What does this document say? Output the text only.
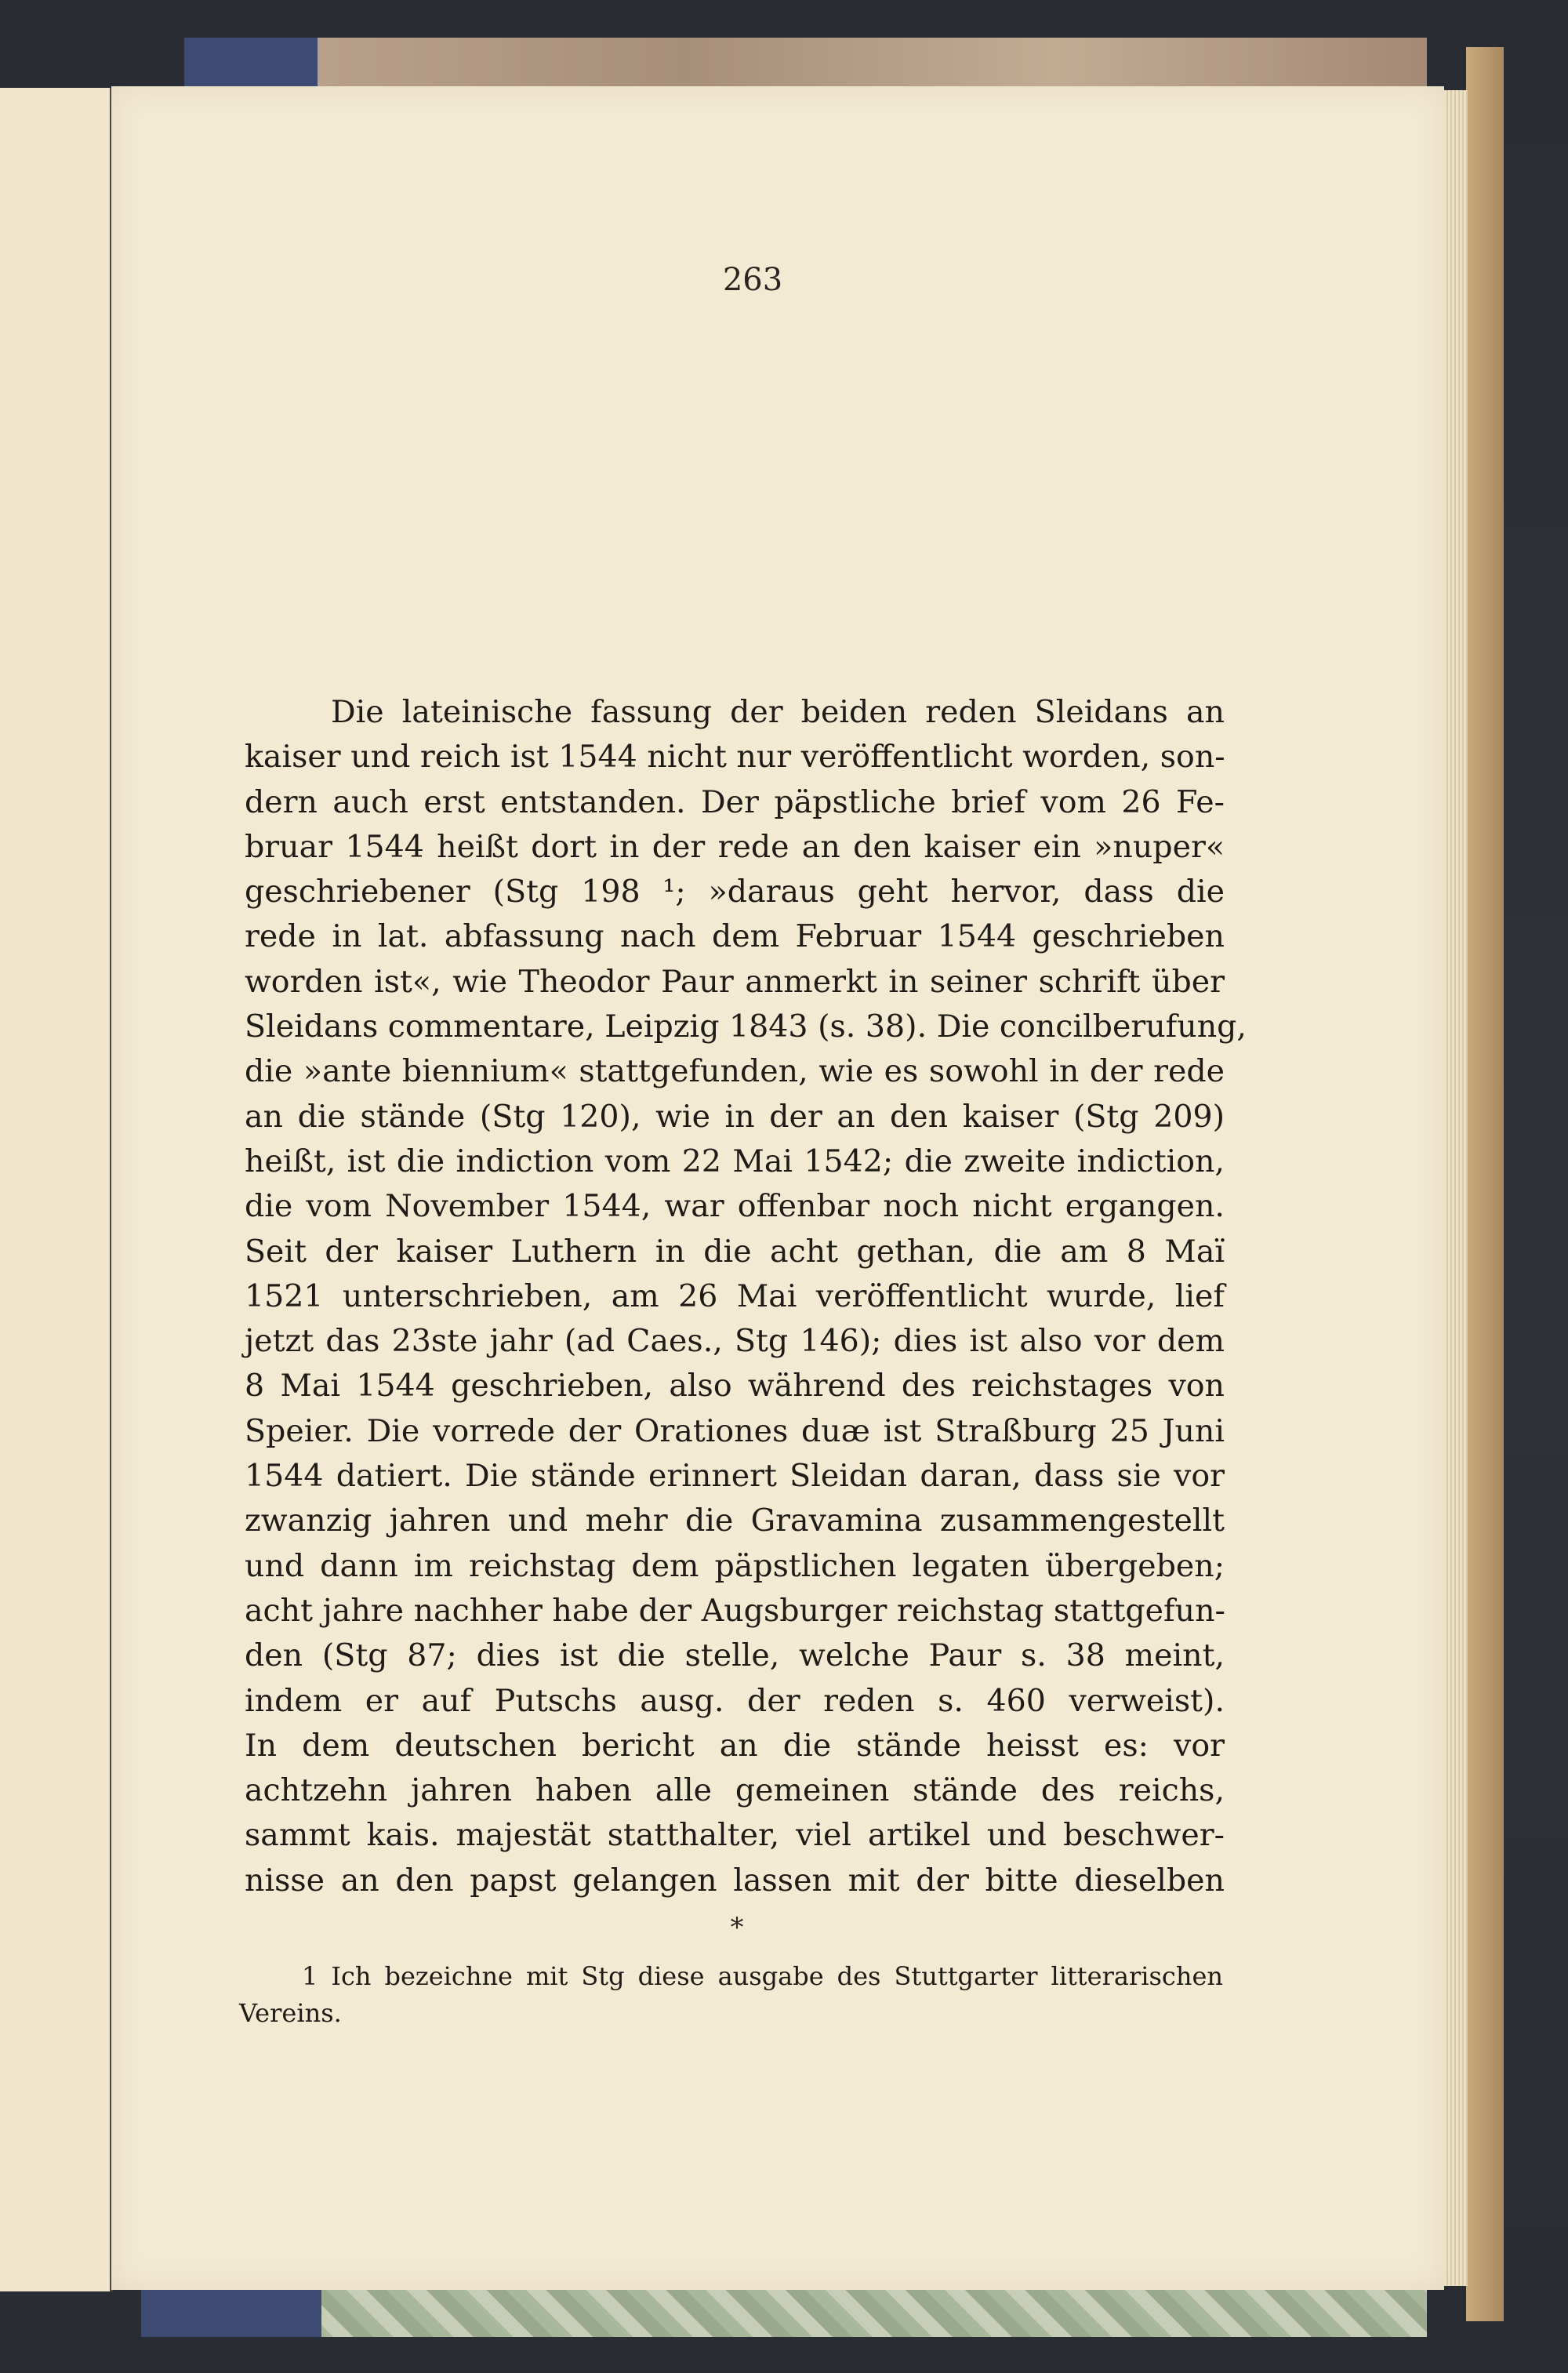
263
Die lateinische fassung der beiden reden Sleidans an
kaiser und reich ist 1544 nicht nur veröffentlicht worden, son-
dern auch erst entstanden. Der päpstliche brief vom 26 Fe-
bruar 1544 heißt dort in der rede an den kaiser ein »nuper«
geschriebener (Stg 198 ¹; »daraus geht hervor, dass die
rede in lat. abfassung nach dem Februar 1544 geschrieben
worden ist«, wie Theodor Paur anmerkt in seiner schrift über
Sleidans commentare, Leipzig 1843 (s. 38). Die concilberufung,
die »ante biennium« stattgefunden, wie es sowohl in der rede
an die stände (Stg 120), wie in der an den kaiser (Stg 209)
heißt, ist die indiction vom 22 Mai 1542; die zweite indiction,
die vom November 1544, war offenbar noch nicht ergangen.
Seit der kaiser Luthern in die acht gethan, die am 8 Maï
1521 unterschrieben, am 26 Mai veröffentlicht wurde, lief
jetzt das 23ste jahr (ad Caes., Stg 146); dies ist also vor dem
8 Mai 1544 geschrieben, also während des reichstages von
Speier. Die vorrede der Orationes duæ ist Straßburg 25 Juni
1544 datiert. Die stände erinnert Sleidan daran, dass sie vor
zwanzig jahren und mehr die Gravamina zusammengestellt
und dann im reichstag dem päpstlichen legaten übergeben;
acht jahre nachher habe der Augsburger reichstag stattgefun-
den (Stg 87; dies ist die stelle, welche Paur s. 38 meint,
indem er auf Putschs ausg. der reden s. 460 verweist).
In dem deutschen bericht an die stände heisst es: vor
achtzehn jahren haben alle gemeinen stände des reichs,
sammt kais. majestät statthalter, viel artikel und beschwer-
nisse an den papst gelangen lassen mit der bitte dieselben
*
1 Ich bezeichne mit Stg diese ausgabe des Stuttgarter litterarischen
Vereins.
